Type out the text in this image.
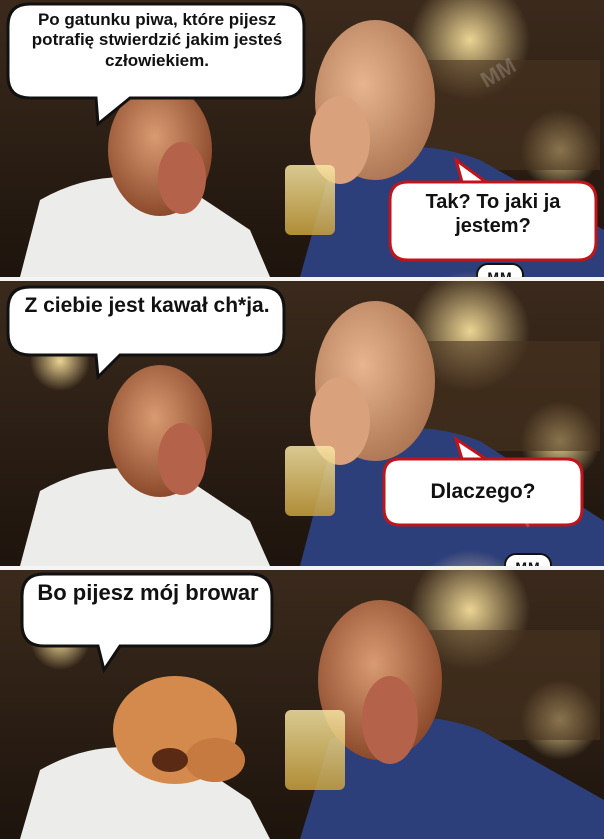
Po gatunku piwa, które pijesz potrafię stwierdzić jakim jesteś człowiekiem.
Tak? To jaki ja jestem?
Z ciebie jest kawał ch*ja.
Dlaczego?
Bo pijesz mój browar
MM
MM
